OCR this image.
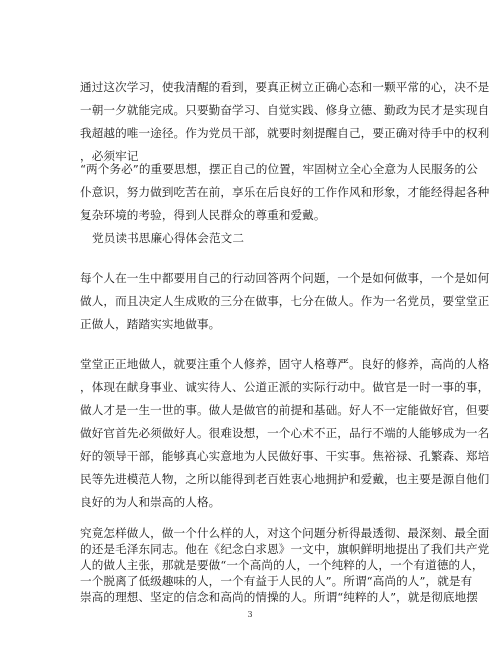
通过这次学习，使我清醒的看到，要真正树立正确心态和一颗平常的心，决不是
一朝一夕就能完成。只要勤奋学习、自觉实践、修身立德、勤政为民才是实现自
我超越的唯一途径。作为党员干部，就要时刻提醒自己，要正确对待手中的权利
，必须牢记
“两个务必”的重要思想，摆正自己的位置，牢固树立全心全意为人民服务的公
仆意识，努力做到吃苦在前，享乐在后良好的工作作风和形象，才能经得起各种
复杂环境的考验，得到人民群众的尊重和爱戴。
党员读书思廉心得体会范文二
每个人在一生中都要用自己的行动回答两个问题，一个是如何做事，一个是如何
做人，而且决定人生成败的三分在做事，七分在做人。作为一名党员，要堂堂正
正做人，踏踏实实地做事。
堂堂正正地做人，就要注重个人修养，固守人格尊严。良好的修养，高尚的人格
，体现在献身事业、诚实待人、公道正派的实际行动中。做官是一时一事的事，
做人才是一生一世的事。做人是做官的前提和基础。好人不一定能做好官，但要
做好官首先必须做好人。很难设想，一个心术不正，品行不端的人能够成为一名
好的领导干部，能够真心实意地为人民做好事、干实事。焦裕禄、孔繁森、郑培
民等先进模范人物，之所以能得到老百姓衷心地拥护和爱戴，也主要是源自他们
良好的为人和崇高的人格。
究竟怎样做人，做一个什么样的人，对这个问题分析得最透彻、最深刻、最全面
的还是毛泽东同志。他在《纪念白求恩》一文中，旗帜鲜明地提出了我们共产党
人的做人主张，那就是要做“一个高尚的人，一个纯粹的人，一个有道德的人，
3
一个脱离了低级趣味的人，一个有益于人民的人”。所谓“高尚的人”，就是有
崇高的理想、坚定的信念和高尚的情操的人。所谓“纯粹的人”，就是彻底地摆
